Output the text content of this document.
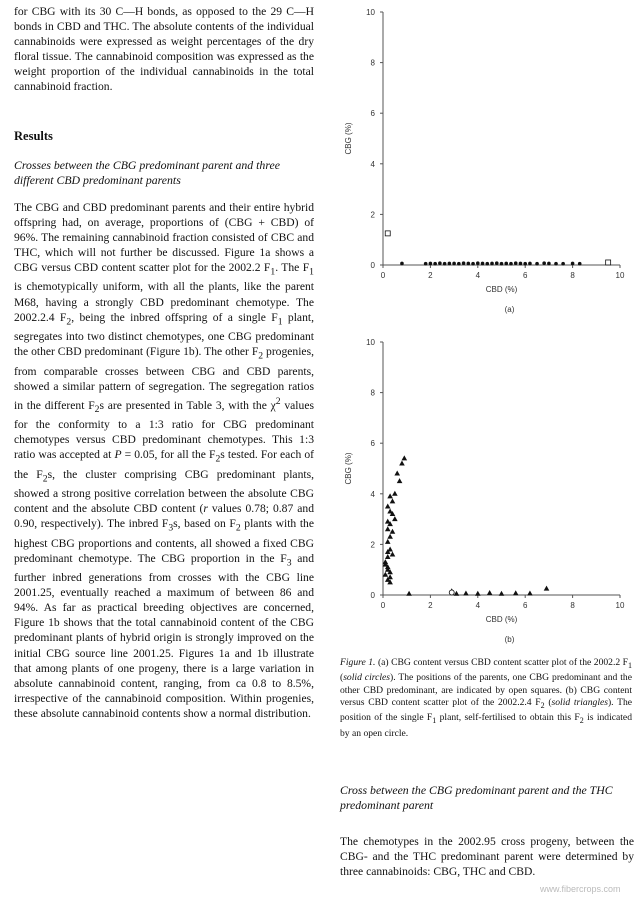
for CBG with its 30 C—H bonds, as opposed to the 29 C—H bonds in CBD and THC. The absolute contents of the individual cannabinoids were expressed as weight percentages of the dry floral tissue. The cannabinoid composition was expressed as the weight proportion of the individual cannabinoids in the total cannabinoid fraction.

Results
Crosses between the CBG predominant parent and three different CBD predominant parents

The CBG and CBD predominant parents and their entire hybrid offspring had, on average, proportions of (CBG + CBD) of 96%. The remaining cannabinoid fraction consisted of CBC and THC, which will not further be discussed. Figure 1a shows a CBG versus CBD content scatter plot for the 2002.2 $F_1$. The $F_1$ is chemotypically uniform, with all the plants, like the parent M68, having a strongly CBD predominant chemotype. The 2002.2.4 $F_2$, being the inbred offspring of a single $F_1$ plant, segregates into two distinct chemotypes, one CBG predominant the other CBD predominant (Figure 1b). The other $F_2$ progenies, from comparable crosses between CBG and CBD parents, showed a similar pattern of segregation. The segregation ratios in the different $F_2s$ are presented in Table 3, with the $\chi^2$ values for the conformity to a 1:3 ratio for CBG predominant chemotypes versus CBD predominant chemotypes. This 1:3 ratio was accepted at P = 0.05, for all the $F_2s$ tested. For each of the $F_2s$, the cluster comprising CBG predominant plants, showed a strong positive correlation between the absolute CBG content and the absolute CBD content (r values 0.78; 0.87 and 0.90, respectively). The inbred $F_3s$, based on $F_2$ plants with the highest CBG proportions and contents, all showed a fixed CBG predominant chemotype. The CBG proportion in the $F_3$ and further inbred generations from crosses with the CBG line 2001.25, eventually reached a maximum of between 86 and 94%. As far as practical breeding objectives are concerned, Figure 1b shows that the total cannabinoid content of the CBG predominant plants of hybrid origin is strongly improved on the initial CBG source line 2001.25. Figures 1a and 1b illustrate that among plants of one progeny, there is a large variation in absolute cannabinoid content, ranging, from ca 0.8 to 8.5%, irrespective of the cannabinoid composition. Within progenies, these absolute cannabinoid contents show a normal distribution.

0
2
4
6
8
10
0	2	4	6	8	10
CBD (%)
CBG (%)
(a)
0
2
4
6
8
10
0	2	4	6	8	10
CBD (%)
CBG (%)
(b)
Figure 1. (a) CBG content versus CBD content scatter plot of the 2002.2 $F_1$ (solid circles). The positions of the parents, one CBG predominant and the other CBD predominant, are indicated by open squares. (b) CBG content versus CBD content scatter plot of the 2002.2.4 $F_2$ (solid triangles). The position of the single $F_1$ plant, self-fertilised to obtain this $F_2$ is indicated by an open circle.
Cross between the CBG predominant parent and the THC predominant parent
The chemotypes in the 2002.95 cross progeny, between the CBG- and the THC predominant parent were determined by three cannabinoids: CBG, THC and CBD.
www.fibercrops.com
